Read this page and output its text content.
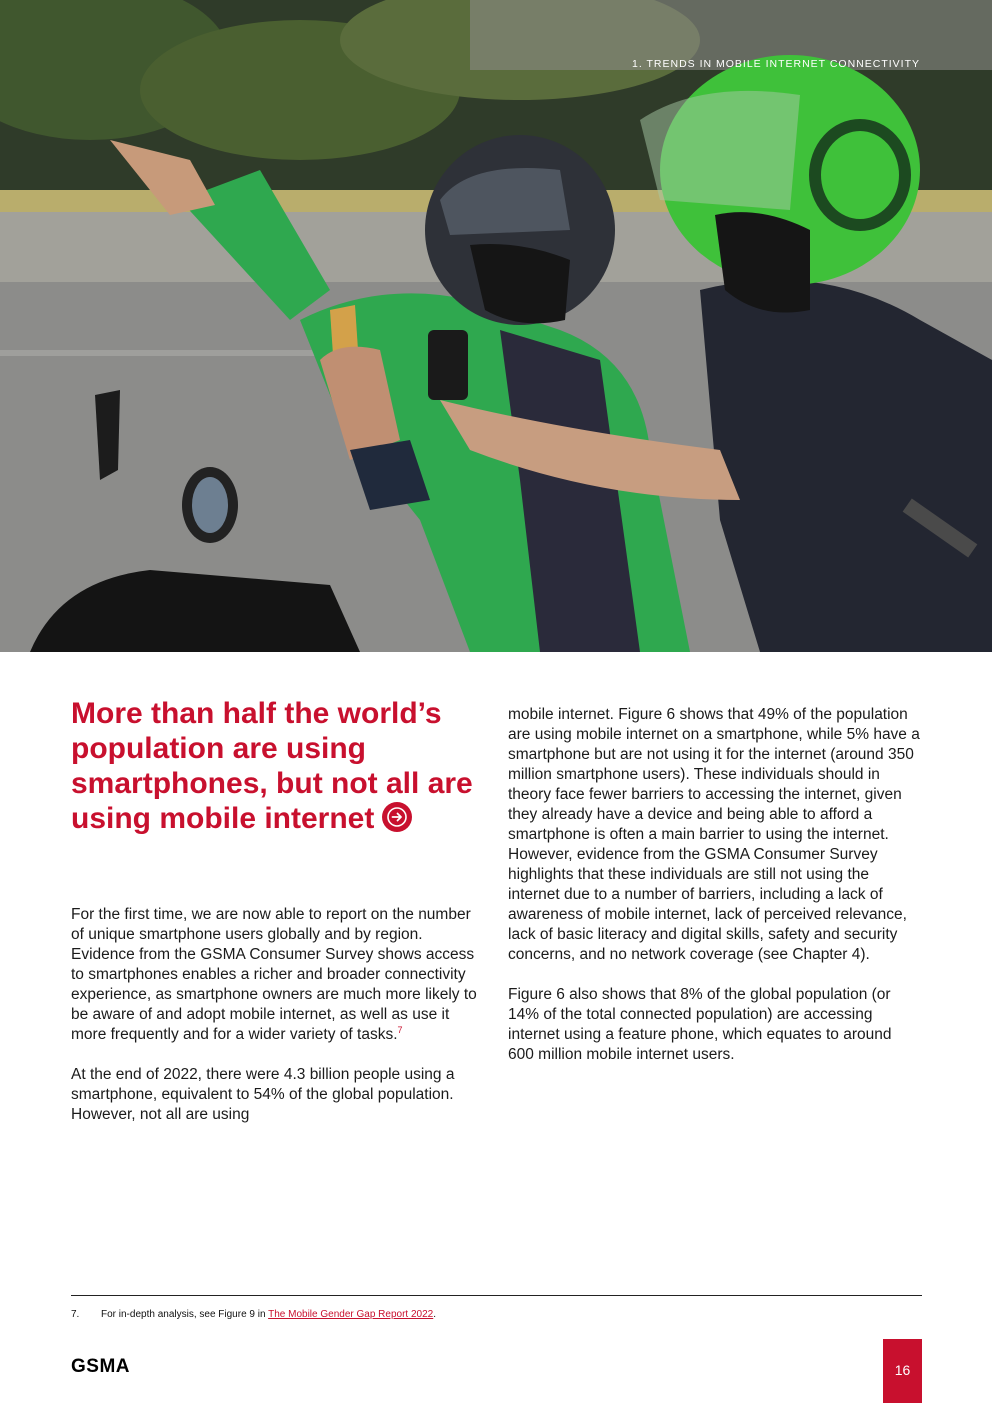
1. TRENDS IN MOBILE INTERNET CONNECTIVITY
More than half the world’s population are using smartphones, but not all are using mobile internet

For the first time, we are now able to report on the number of unique smartphone users globally and by region. Evidence from the GSMA Consumer Survey shows access to smartphones enables a richer and broader connectivity experience, as smartphone owners are much more likely to be aware of and adopt mobile internet, as well as use it more frequently and for a wider variety of tasks.$^7$

At the end of 2022, there were 4.3 billion people using a smartphone, equivalent to 54% of the global population. However, not all are using

mobile internet. Figure 6 shows that 49% of the population are using mobile internet on a smartphone, while 5% have a smartphone but are not using it for the internet (around 350 million smartphone users). These individuals should in theory face fewer barriers to accessing the internet, given they already have a device and being able to afford a smartphone is often a main barrier to using the internet. However, evidence from the GSMA Consumer Survey highlights that these individuals are still not using the internet due to a number of barriers, including a lack of awareness of mobile internet, lack of perceived relevance, lack of basic literacy and digital skills, safety and security concerns, and no network coverage (see Chapter 4).

Figure 6 also shows that 8% of the global population (or 14% of the total connected population) are accessing internet using a feature phone, which equates to around 600 million mobile internet users.

7. For in-depth analysis, see Figure 9 in The Mobile Gender Gap Report 2022.
GSMA	16
